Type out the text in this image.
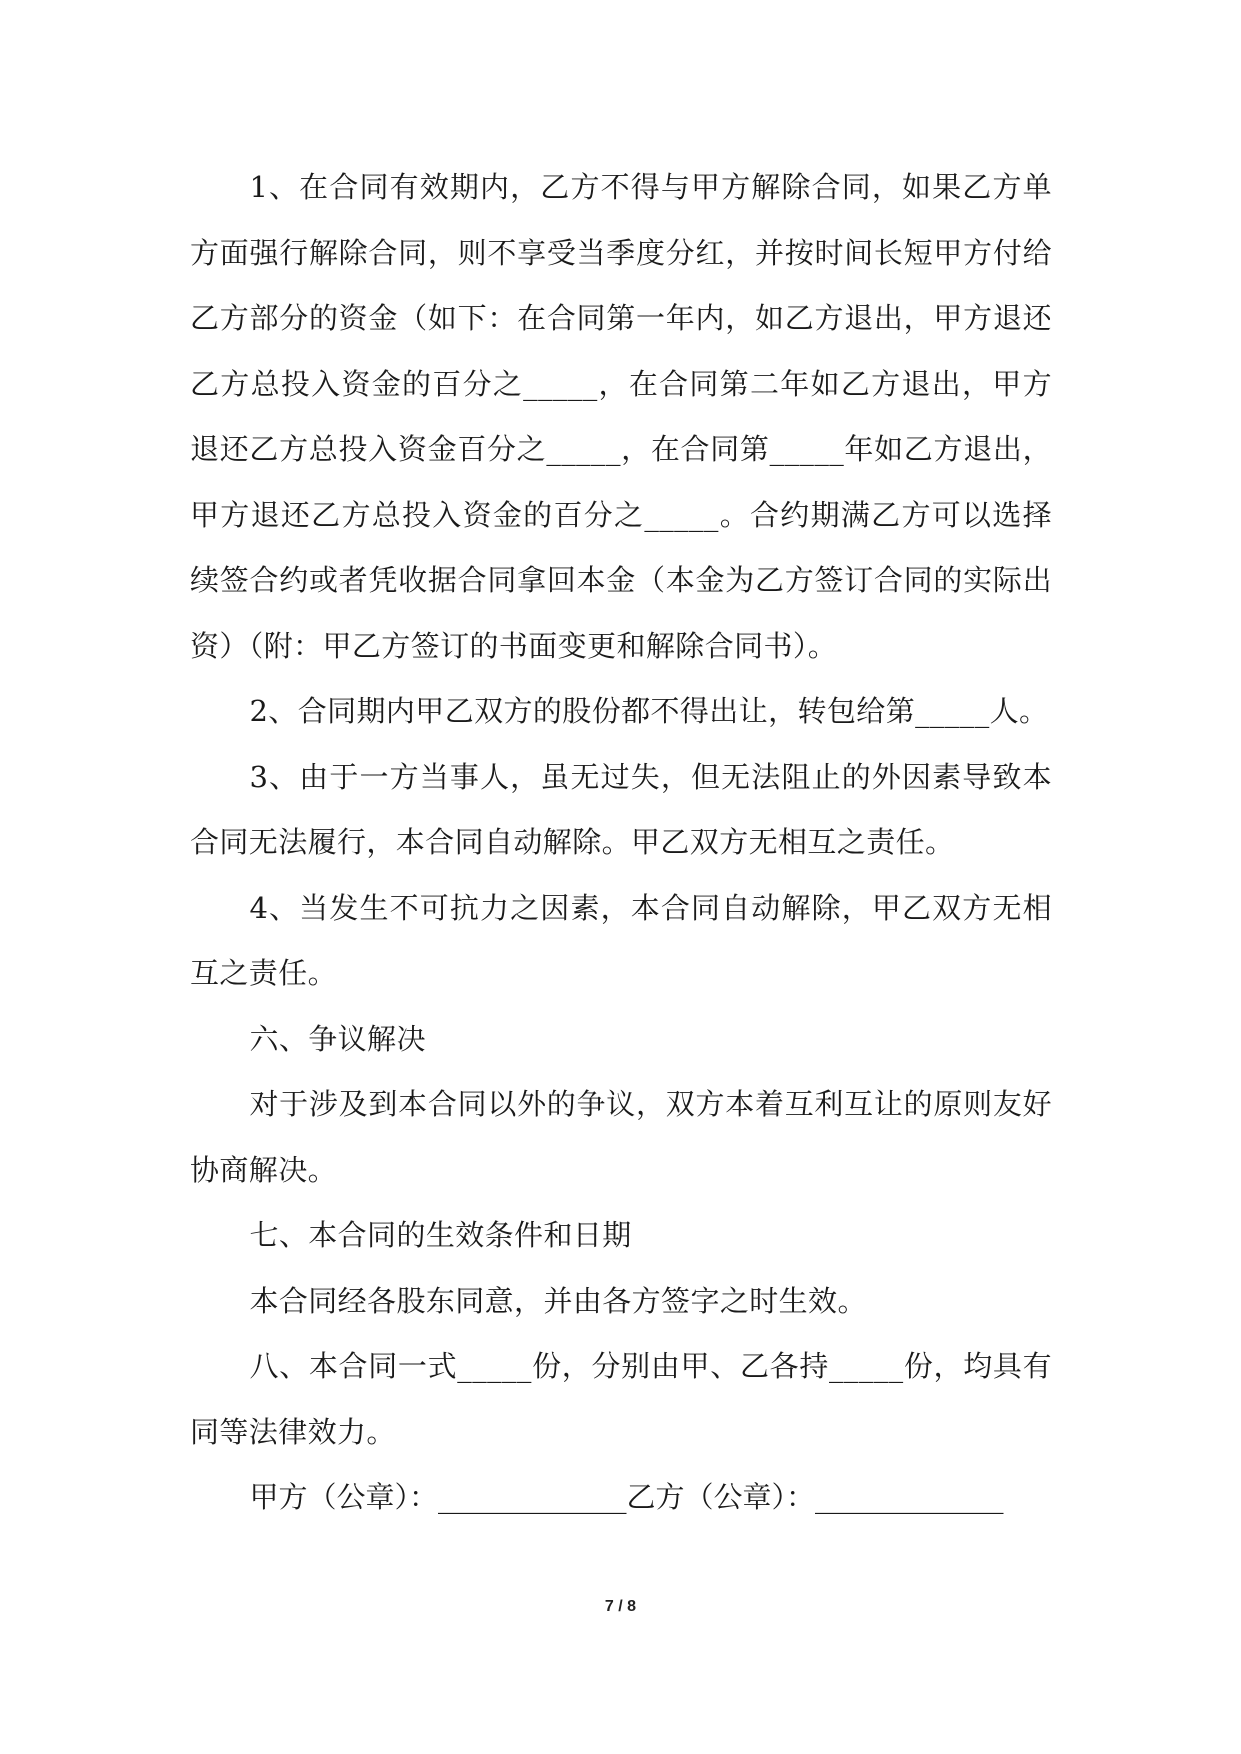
1、在合同有效期内，乙方不得与甲方解除合同，如果乙方单方面强行解除合同，则不享受当季度分红，并按时间长短甲方付给乙方部分的资金（如下：在合同第一年内，如乙方退出，甲方退还乙方总投入资金的百分之_____，在合同第二年如乙方退出，甲方退还乙方总投入资金百分之_____，在合同第_____年如乙方退出，甲方退还乙方总投入资金的百分之_____。合约期满乙方可以选择续签合约或者凭收据合同拿回本金（本金为乙方签订合同的实际出资）（附：甲乙方签订的书面变更和解除合同书）。

2、合同期内甲乙双方的股份都不得出让，转包给第_____人。

3、由于一方当事人，虽无过失，但无法阻止的外因素导致本合同无法履行，本合同自动解除。甲乙双方无相互之责任。

4、当发生不可抗力之因素，本合同自动解除，甲乙双方无相互之责任。

六、争议解决

对于涉及到本合同以外的争议，双方本着互利互让的原则友好协商解决。

七、本合同的生效条件和日期

本合同经各股东同意，并由各方签字之时生效。

八、本合同一式_____份，分别由甲、乙各持_____份，均具有同等法律效力。

甲方（公章）：_____________乙方（公章）：_____________

7 / 8
